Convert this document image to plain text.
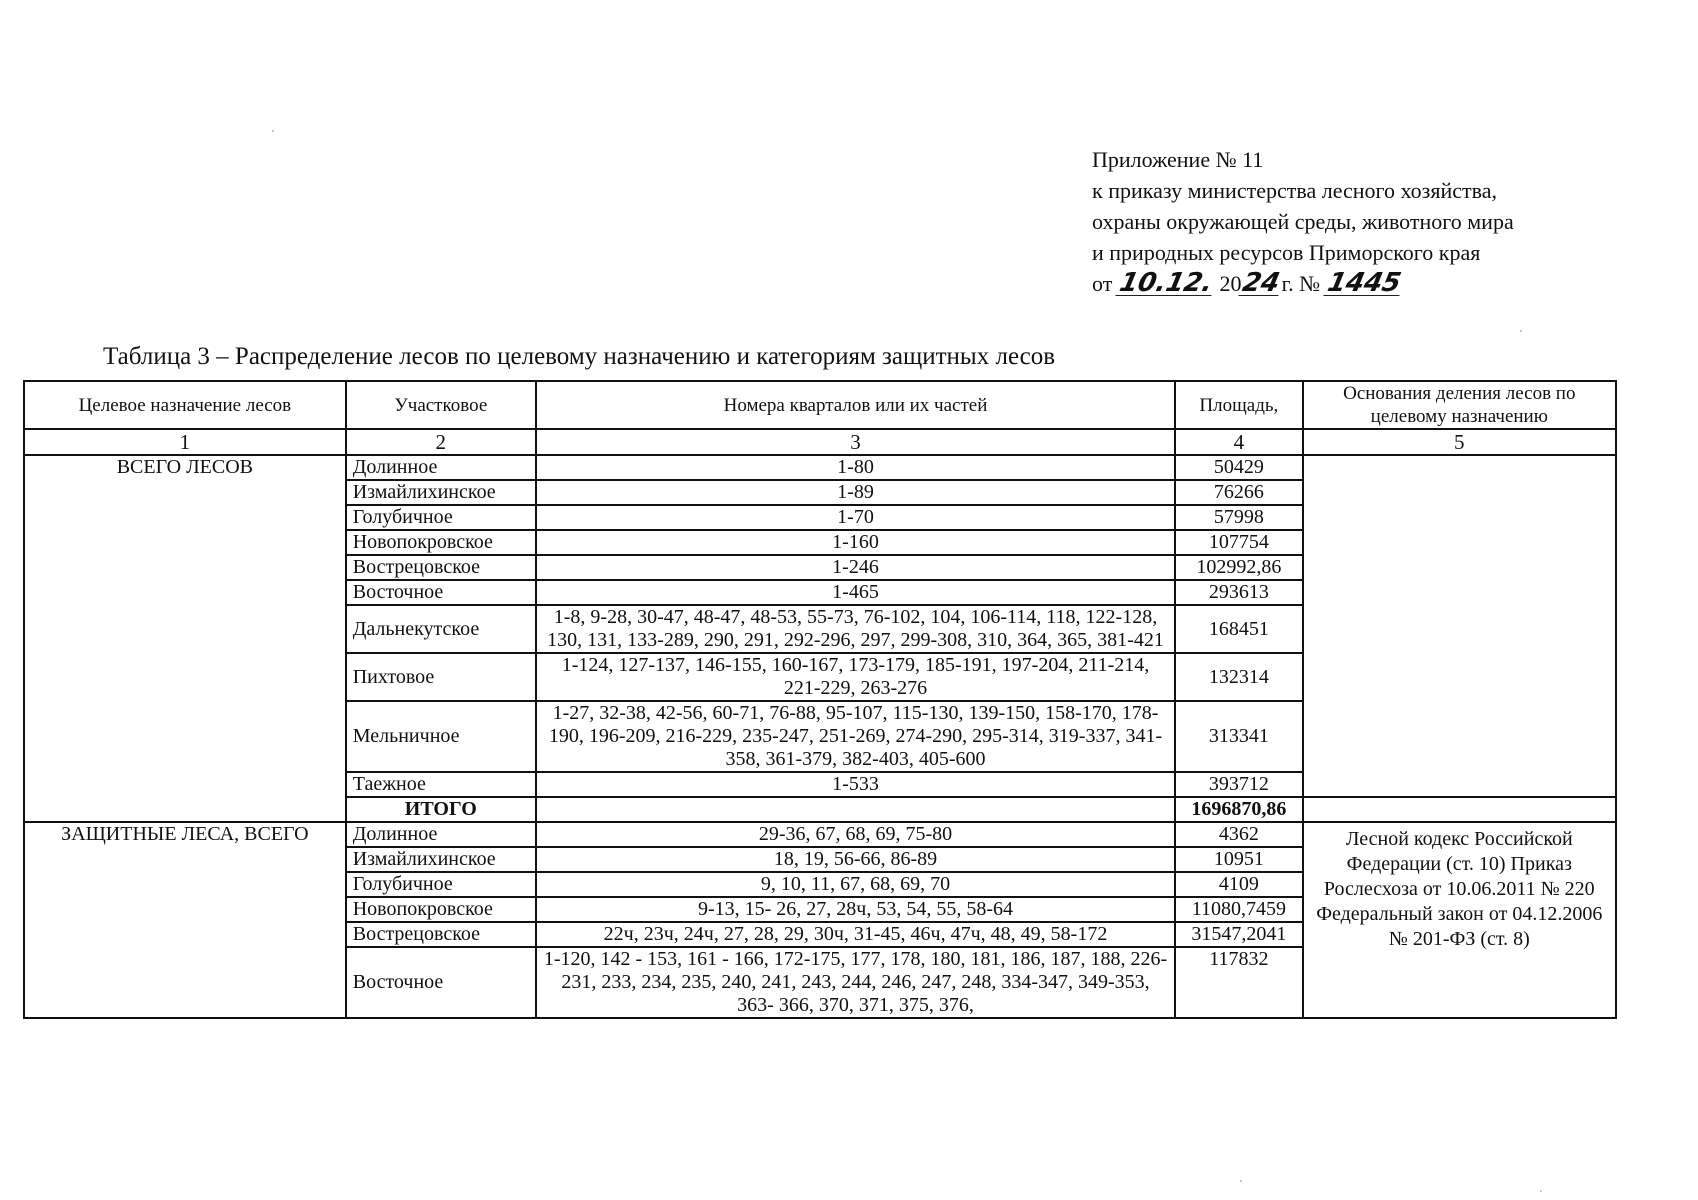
Приложение № 11
к приказу министерства лесного хозяйства,
охраны окружающей среды, животного мира
и природных ресурсов Приморского края
от 10.12. 2024г. № 1445
Таблица 3 – Распределение лесов по целевому назначению и категориям защитных лесов
Целевое назначение лесов	Участковое	Номера кварталов или их частей	Площадь,	Основания деления лесов по целевому назначению
1	2	3	4	5
ВСЕГО ЛЕСОВ	Долинное	1-80	50429	
	Измайлихинское	1-89	76266	
	Голубичное	1-70	57998	
	Новопокровское	1-160	107754	
	Вострецовское	1-246	102992,86	
	Восточное	1-465	293613	
	Дальнекутское	1-8, 9-28, 30-47, 48-47, 48-53, 55-73, 76-102, 104, 106-114, 118, 122-128, 130, 131, 133-289, 290, 291, 292-296, 297, 299-308, 310, 364, 365, 381-421	168451	
	Пихтовое	1-124, 127-137, 146-155, 160-167, 173-179, 185-191, 197-204, 211-214, 221-229, 263-276	132314	
	Мельничное	1-27, 32-38, 42-56, 60-71, 76-88, 95-107, 115-130, 139-150, 158-170, 178-190, 196-209, 216-229, 235-247, 251-269, 274-290, 295-314, 319-337, 341-358, 361-379, 382-403, 405-600	313341	
	Таежное	1-533	393712	
	ИТОГО		1696870,86	
ЗАЩИТНЫЕ ЛЕСА, ВСЕГО	Долинное	29-36, 67, 68, 69, 75-80	4362	Лесной кодекс Российской Федерации (ст. 10) Приказ Рослесхоза от 10.06.2011 № 220 Федеральный закон от 04.12.2006 № 201-ФЗ (ст. 8)
	Измайлихинское	18, 19, 56-66, 86-89	10951	
	Голубичное	9, 10, 11, 67, 68, 69, 70	4109	
	Новопокровское	9-13, 15- 26, 27, 28ч, 53, 54, 55, 58-64	11080,7459	
	Вострецовское	22ч, 23ч, 24ч, 27, 28, 29, 30ч, 31-45, 46ч, 47ч, 48, 49, 58-172	31547,2041	
	Восточное	1-120, 142 - 153, 161 - 166, 172-175, 177, 178, 180, 181, 186, 187, 188, 226-231, 233, 234, 235, 240, 241, 243, 244, 246, 247, 248, 334-347, 349-353, 363- 366, 370, 371, 375, 376,	117832	
